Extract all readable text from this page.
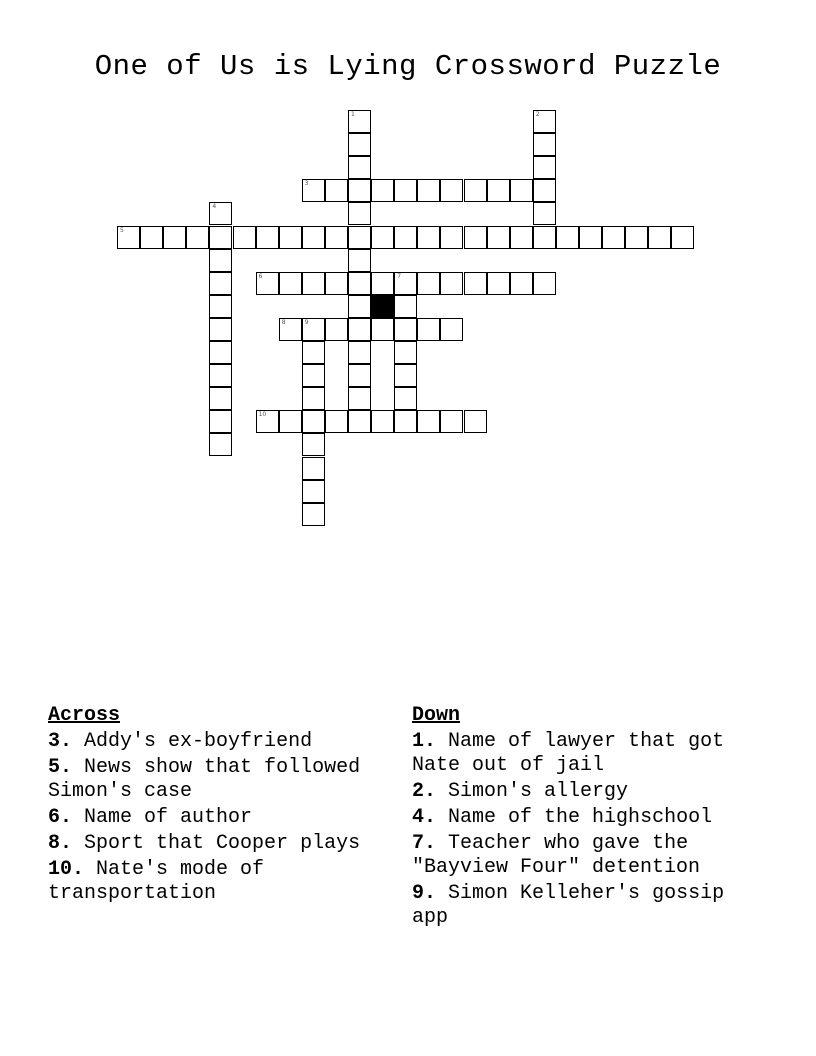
One of Us is Lying Crossword Puzzle
1	2
3
4
5
6	7
8	9
10
Across
3. Addy's ex-boyfriend
5. News show that followed Simon's case
6. Name of author
8. Sport that Cooper plays
10. Nate's mode of transportation
Down
1. Name of lawyer that got Nate out of jail
2. Simon's allergy
4. Name of the highschool
7. Teacher who gave the "Bayview Four" detention
9. Simon Kelleher's gossip app
